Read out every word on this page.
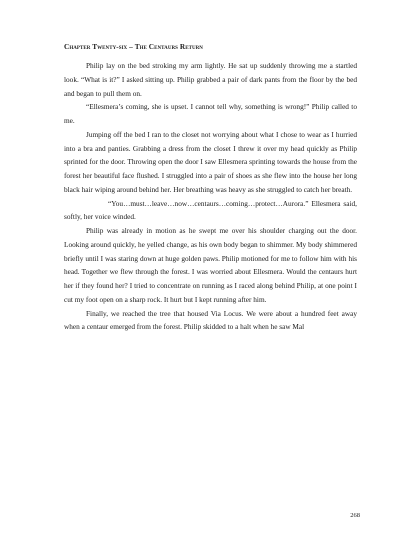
Chapter Twenty-six – The Centaurs Return

Philip lay on the bed stroking my arm lightly. He sat up suddenly throwing me a startled look. “What is it?” I asked sitting up. Philip grabbed a pair of dark pants from the floor by the bed and began to pull them on.

“Ellesmera’s coming, she is upset. I cannot tell why, something is wrong!” Philip called to me.

Jumping off the bed I ran to the closet not worrying about what I chose to wear as I hurried into a bra and panties. Grabbing a dress from the closet I threw it over my head quickly as Philip sprinted for the door. Throwing open the door I saw Ellesmera sprinting towards the house from the forest her beautiful face flushed. I struggled into a pair of shoes as she flew into the house her long black hair wiping around behind her. Her breathing was heavy as she struggled to catch her breath.

“You…must…leave…now…centaurs…coming…protect…Aurora.” Ellesmera said, softly, her voice winded.

Philip was already in motion as he swept me over his shoulder charging out the door. Looking around quickly, he yelled change, as his own body began to shimmer. My body shimmered briefly until I was staring down at huge golden paws. Philip motioned for me to follow him with his head. Together we flew through the forest. I was worried about Ellesmera. Would the centaurs hurt her if they found her? I tried to concentrate on running as I raced along behind Philip, at one point I cut my foot open on a sharp rock. It hurt but I kept running after him.

Finally, we reached the tree that housed Via Locus. We were about a hundred feet away when a centaur emerged from the forest. Philip skidded to a halt when he saw Mal

268
